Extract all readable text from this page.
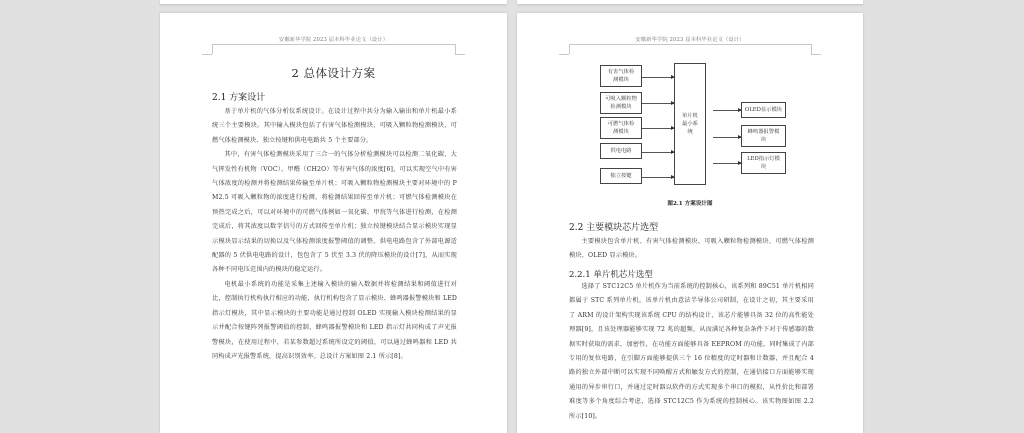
安徽新华学院 2023 届本科毕业论文（设计）
2 总体设计方案
2.1 方案设计

基于单片机的气体分析仪系统设计。在设计过程中共分为输入输出和单片机最小系统三个主要模块。其中输入模块包括了有害气体检测模块、可吸入颗粒物检测模块、可燃气体检测模块、独立按键和供电电路共 5 个主要部分。

其中，有害气体检测模块采用了三合一的气体分析检测模块可以检测二氧化碳、大气挥发性有机物（VOC）、甲醛（CH2O）等有害气体的浓度[6]，可以实现空气中有害气体浓度的检测并将检测结果传输至单片机；可吸入颗粒物检测模块主要对环境中的 PM2.5 可吸入颗粒物的浓度进行检测，将检测结果回传至单片机；可燃气体检测模块在预热完成之后，可以对环境中的可燃气体例如一氧化碳、甲烷等气体进行检测，在检测完成后，将其浓度以数字信号的方式回传至单片机；独立按键模块结合显示模块实现显示模块显示结果的切换以及气体检测浓度报警阈值的调整。供电电路包含了外部电源适配器的 5 伏供电电路的设计，包包含了 5 伏至 3.3 伏的降压模块的设计[7]，从而实现各种不同电压范围内的模块的稳定运行。

电机最小系统的功能是采集上述输入模块的输入数据并将检测结果和阈值进行对比，控制执行机构执行相应的功能，执行机构包含了显示模块、蜂鸣器报警模块和 LED 指示灯模块，其中显示模块的主要功能是通过控制 OLED 实现输入模块检测结果的显示并配合按键阵列报警阈值的控制，蜂鸣器报警模块和 LED 指示灯共同构成了声光报警模块，在使用过程中，若某参数超过系统所设定的阈值，可以通过蜂鸣器和 LED 共同构成声光报警系统，提高识别效率。总设计方案如图 2.1 所示[8]。

安徽新华学院 2023 届本科毕业论文（设计）
有害气体检测模块
可吸入颗粒物检测模块
可燃气体检测模块
供电电路
独立按键
单片机最小系统
OLED显示模块
蜂鸣器报警模块
LED指示灯模块
图2.1 方案设计图
2.2 主要模块芯片选型

主要模块包含单片机、有害气体检测模块、可吸入颗粒物检测模块、可燃气体检测模块、OLED 显示模块。

2.2.1 单片机芯片选型

选择了 STC12C5 单片机作为当前系统的控制核心，该系列和 89C51 单片机相同都属于 STC 系列单片机，该单片机由意法半导体公司研制，在设计之初，其主要采用了 ARM 的设计架构实现该系统 CPU 的结构设计，该芯片能够具备 32 位的高性能处理器[9]，且该处理器能够实现 72 兆的超频，从而满足各种复杂条件下对于传感器的数据实时获取的需求，加密性，在功能方面能够具备 EEPROM 的功能，同时集成了内部专用的复位电路，在引脚方面能够提供三个 16 位精度的定时器和计数器，并且配合 4 路的独立外部中断可以实现不同唤醒方式和触发方式的控制，在通信接口方面能够实现通用的异步串行口，并通过定时器以软件的方式实现多个串口的模拟，从性价比和部署难度等多个角度综合考虑，选择 STC12C5 作为系统的控制核心。该实物图如图 2.2 所示[10]。
